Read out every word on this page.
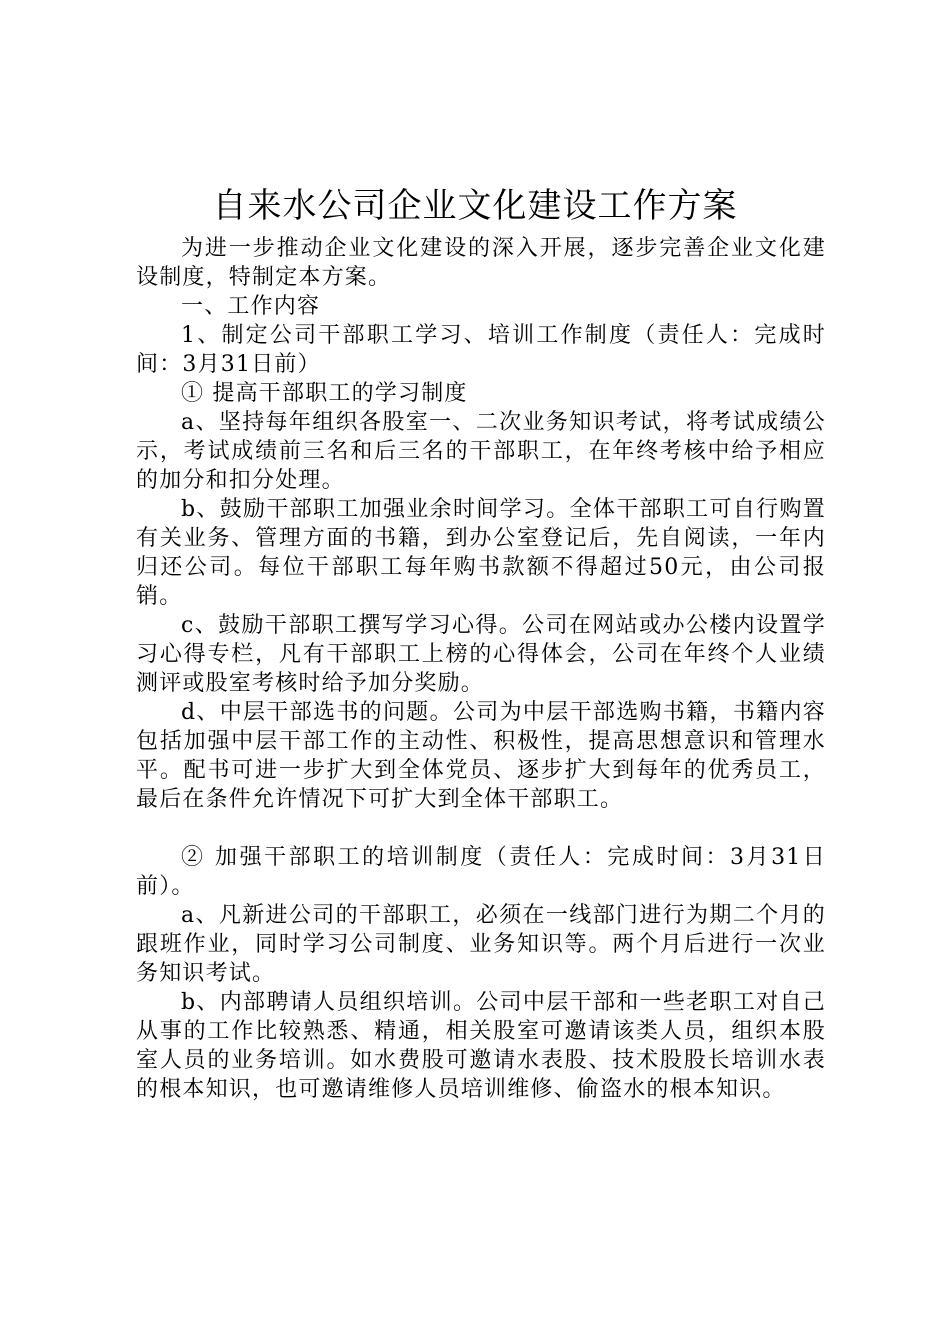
自来水公司企业文化建设工作方案

为进一步推动企业文化建设的深入开展，逐步完善企业文化建设制度，特制定本方案。

一、工作内容

1、制定公司干部职工学习、培训工作制度（责任人：完成时间：3月31日前）

① 提高干部职工的学习制度

a、坚持每年组织各股室一、二次业务知识考试，将考试成绩公示，考试成绩前三名和后三名的干部职工，在年终考核中给予相应的加分和扣分处理。

b、鼓励干部职工加强业余时间学习。全体干部职工可自行购置有关业务、管理方面的书籍，到办公室登记后，先自阅读，一年内归还公司。每位干部职工每年购书款额不得超过50元，由公司报销。

c、鼓励干部职工撰写学习心得。公司在网站或办公楼内设置学习心得专栏，凡有干部职工上榜的心得体会，公司在年终个人业绩测评或股室考核时给予加分奖励。

d、中层干部选书的问题。公司为中层干部选购书籍，书籍内容包括加强中层干部工作的主动性、积极性，提高思想意识和管理水平。配书可进一步扩大到全体党员、逐步扩大到每年的优秀员工，最后在条件允许情况下可扩大到全体干部职工。

② 加强干部职工的培训制度（责任人：完成时间：3月31日前）。

a、凡新进公司的干部职工，必须在一线部门进行为期二个月的跟班作业，同时学习公司制度、业务知识等。两个月后进行一次业务知识考试。

b、内部聘请人员组织培训。公司中层干部和一些老职工对自己从事的工作比较熟悉、精通，相关股室可邀请该类人员，组织本股室人员的业务培训。如水费股可邀请水表股、技术股股长培训水表的根本知识，也可邀请维修人员培训维修、偷盗水的根本知识。
